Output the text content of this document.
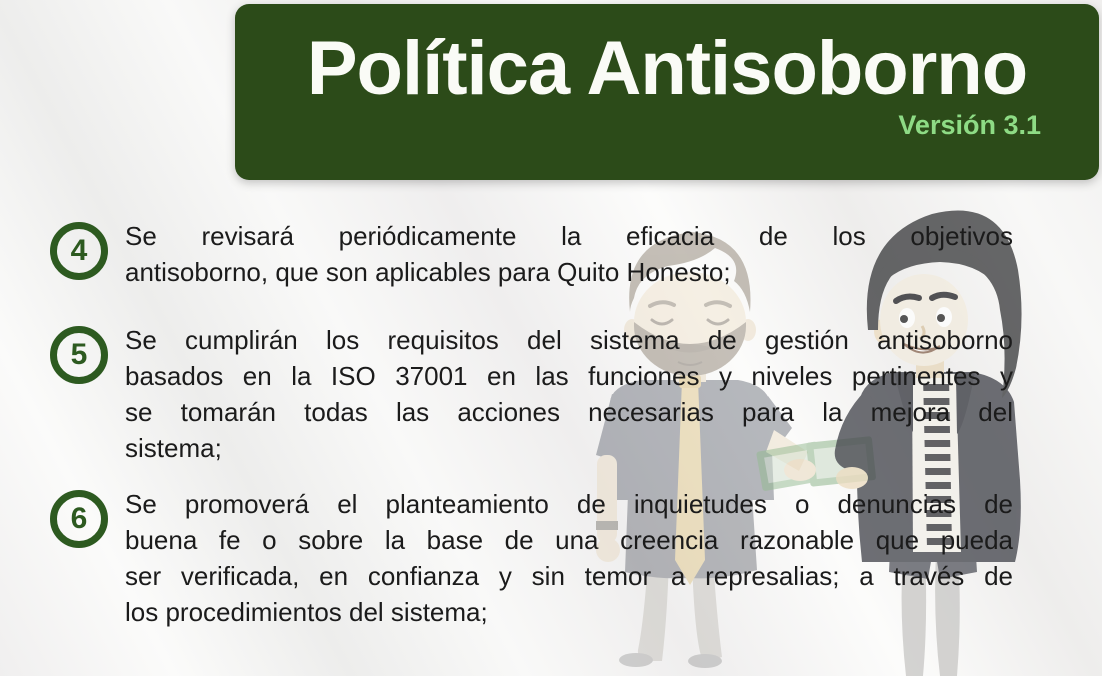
Política Antisoborno
Versión 3.1
4	Se revisará periódicamente la eficacia de los objetivos
antisoborno, que son aplicables para Quito Honesto;
5	Se cumplirán los requisitos del sistema de gestión antisoborno
basados en la ISO 37001 en las funciones y niveles pertinentes y
se tomarán todas las acciones necesarias para la mejora del
sistema;
6	Se promoverá el planteamiento de inquietudes o denuncias de
buena fe o sobre la base de una creencia razonable que pueda
ser verificada, en confianza y sin temor a represalias; a través de
los procedimientos del sistema;
